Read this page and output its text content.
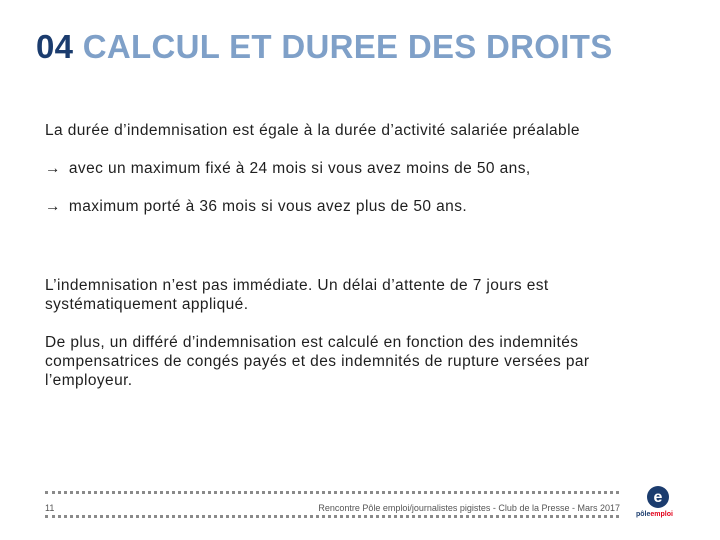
04 CALCUL ET DUREE DES DROITS
La durée d’indemnisation est égale à la durée d’activité salariée préalable
→ avec un maximum fixé à 24 mois si vous avez moins de 50 ans,
→ maximum porté à 36 mois si vous avez plus de 50 ans.
L’indemnisation n’est pas immédiate. Un délai d’attente de 7 jours est systématiquement appliqué.
De plus, un différé d’indemnisation est calculé en fonction des indemnités compensatrices de congés payés et des indemnités de rupture versées par l’employeur.
11	Rencontre Pôle emploi/journalistes pigistes - Club de la Presse - Mars 2017
e
pôleemploi
